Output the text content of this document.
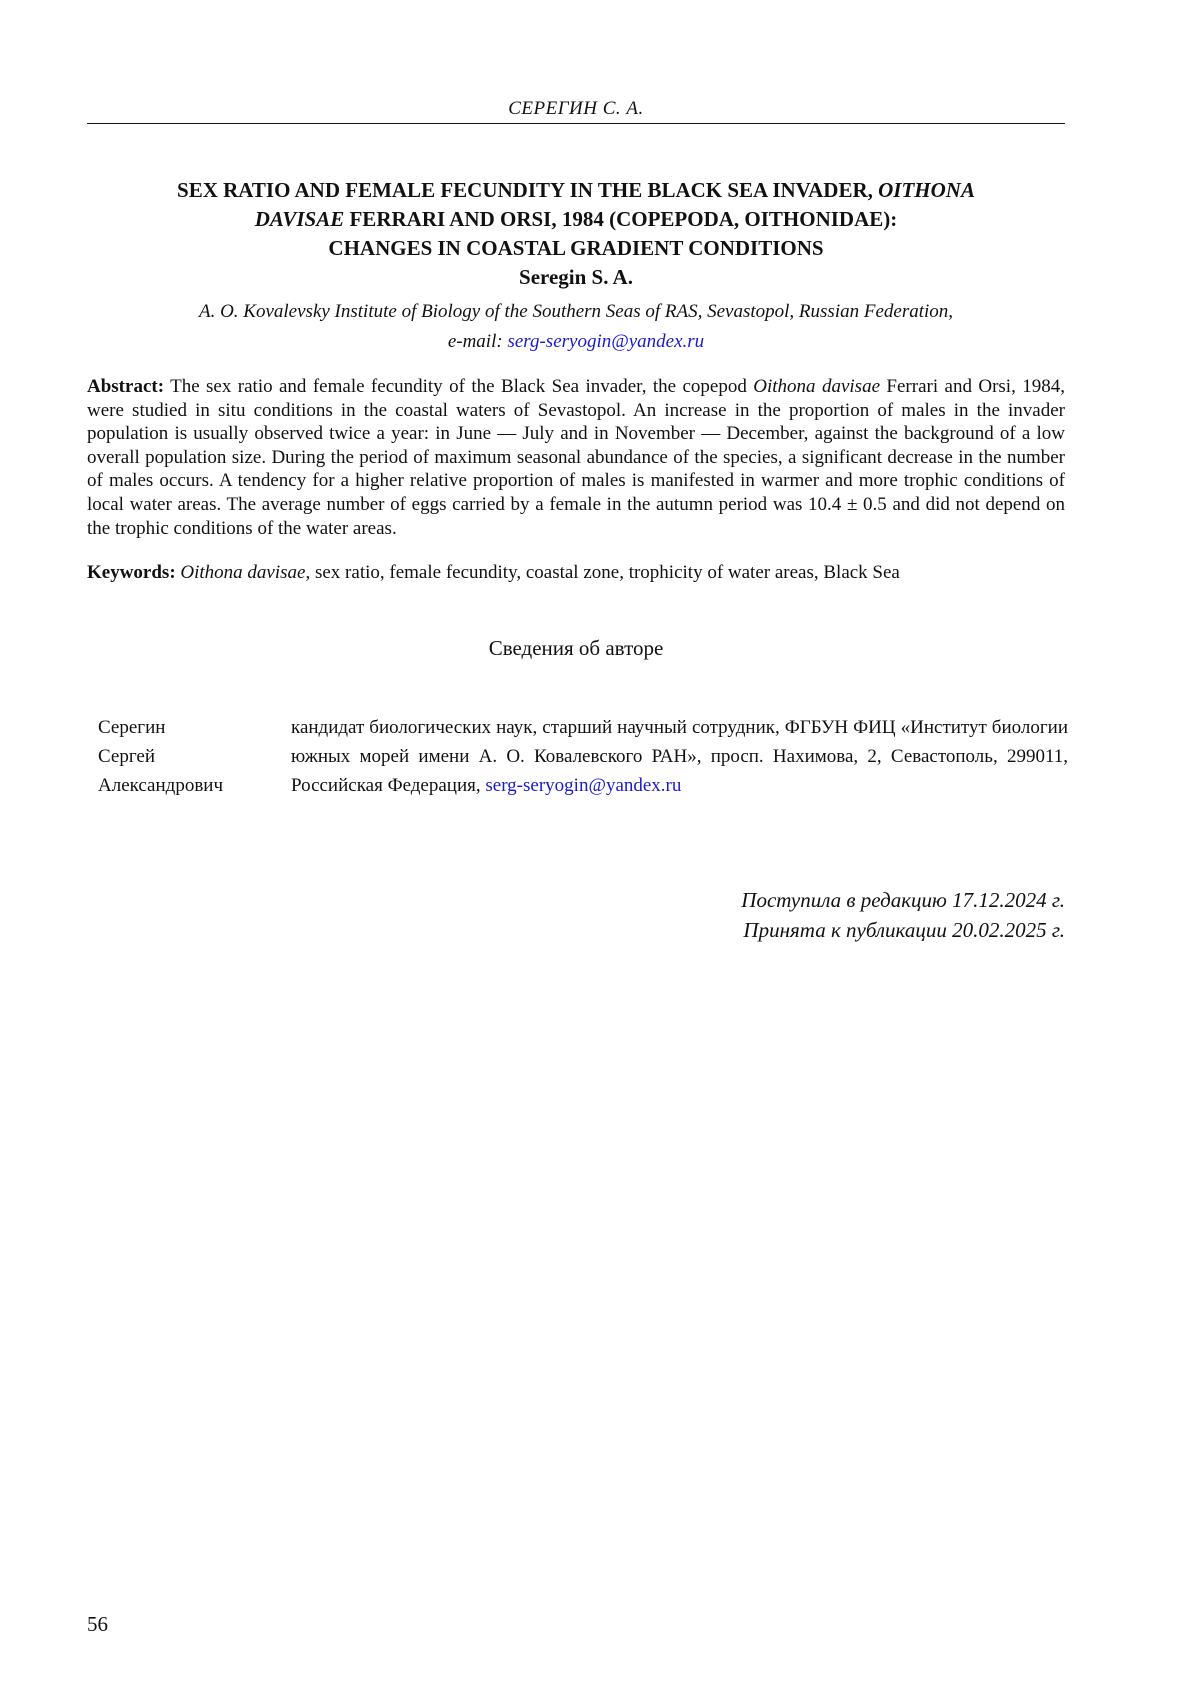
СЕРЕГИН С. А.
SEX RATIO AND FEMALE FECUNDITY IN THE BLACK SEA INVADER, OITHONA
DAVISAE FERRARI AND ORSI, 1984 (COPEPODA, OITHONIDAE):
CHANGES IN COASTAL GRADIENT CONDITIONS
Seregin S. A.
A. O. Kovalevsky Institute of Biology of the Southern Seas of RAS, Sevastopol, Russian Federation,
e-mail: serg-seryogin@yandex.ru

Abstract: The sex ratio and female fecundity of the Black Sea invader, the copepod Oithona davisae Ferrari and Orsi, 1984, were studied in situ conditions in the coastal waters of Sevastopol. An increase in the proportion of males in the invader population is usually observed twice a year: in June — July and in November — December, against the background of a low overall population size. During the period of maximum seasonal abundance of the species, a significant decrease in the number of males occurs. A tendency for a higher relative proportion of males is manifested in warmer and more trophic conditions of local water areas. The average number of eggs carried by a female in the autumn period was 10.4 ± 0.5 and did not depend on the trophic conditions of the water areas.

Keywords: Oithona davisae, sex ratio, female fecundity, coastal zone, trophicity of water areas, Black Sea

Сведения об авторе
Серегин
Сергей
Александрович
кандидат биологических наук, старший научный сотрудник, ФГБУН ФИЦ «Институт биологии южных морей имени А. О. Ковалевского РАН», просп. Нахимова, 2, Севастополь, 299011, Российская Федерация, serg-seryogin@yandex.ru
Поступила в редакцию 17.12.2024 г.
Принята к публикации 20.02.2025 г.
56
